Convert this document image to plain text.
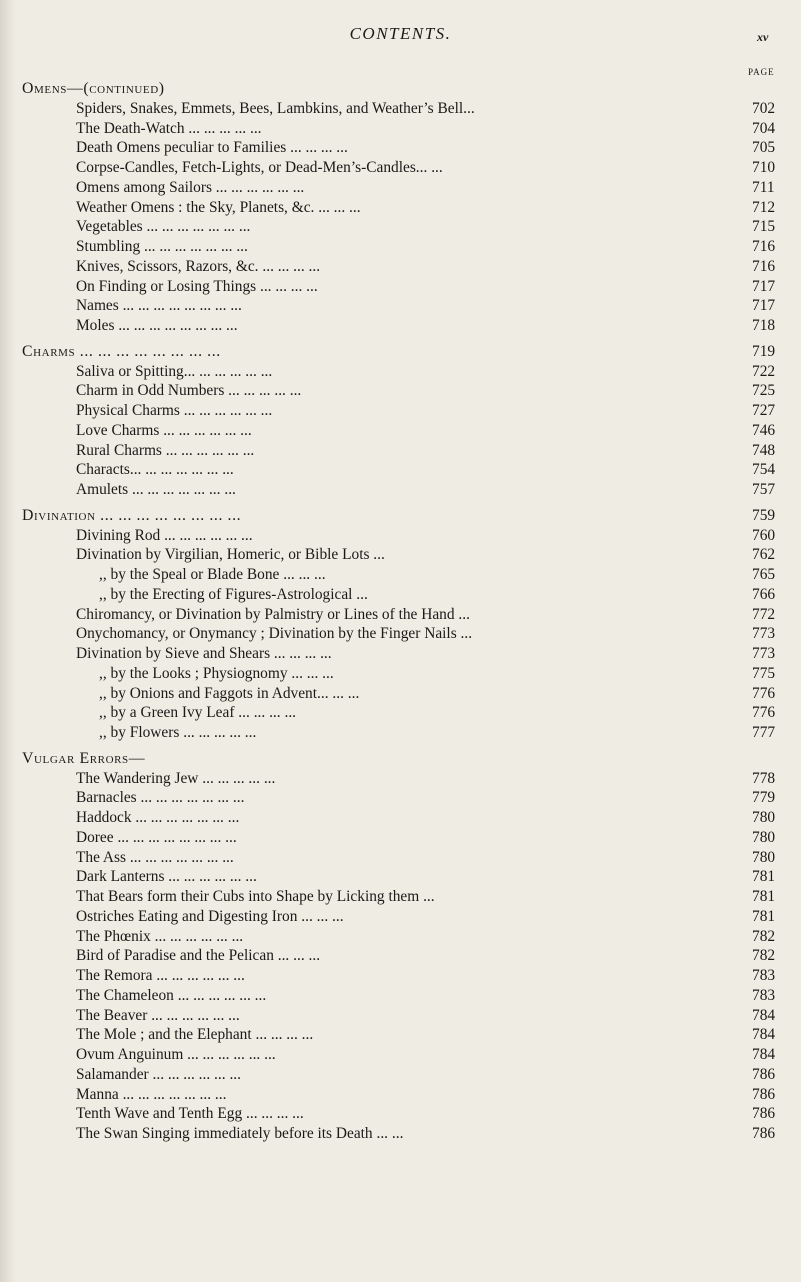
CONTENTS.	xv
PAGE
Omens—(continued)
Spiders, Snakes, Emmets, Bees, Lambkins, and Weather’s Bell...	702
The Death-Watch ... ... ... ... ...	704
Death Omens peculiar to Families ... ... ... ...	705
Corpse-Candles, Fetch-Lights, or Dead-Men’s-Candles... ...	710
Omens among Sailors ... ... ... ... ... ...	711
Weather Omens : the Sky, Planets, &c. ... ... ...	712
Vegetables ... ... ... ... ... ... ...	715
Stumbling ... ... ... ... ... ... ...	716
Knives, Scissors, Razors, &c. ... ... ... ...	716
On Finding or Losing Things ... ... ... ...	717
Names ... ... ... ... ... ... ... ...	717
Moles ... ... ... ... ... ... ... ...	718
Charms ... ... ... ... ... ... ... ...	719
Saliva or Spitting... ... ... ... ... ...	722
Charm in Odd Numbers ... ... ... ... ...	725
Physical Charms ... ... ... ... ... ...	727
Love Charms ... ... ... ... ... ...	746
Rural Charms ... ... ... ... ... ...	748
Characts... ... ... ... ... ... ...	754
Amulets ... ... ... ... ... ... ...	757
Divination ... ... ... ... ... ... ... ...	759
Divining Rod ... ... ... ... ... ...	760
Divination by Virgilian, Homeric, or Bible Lots ...	762
,, by the Speal or Blade Bone ... ... ...	765
,, by the Erecting of Figures-Astrological ...	766
Chiromancy, or Divination by Palmistry or Lines of the Hand ...	772
Onychomancy, or Onymancy ; Divination by the Finger Nails ...	773
Divination by Sieve and Shears ... ... ... ...	773
,, by the Looks ; Physiognomy ... ... ...	775
,, by Onions and Faggots in Advent... ... ...	776
,, by a Green Ivy Leaf ... ... ... ...	776
,, by Flowers ... ... ... ... ...	777
Vulgar Errors—
The Wandering Jew ... ... ... ... ...	778
Barnacles ... ... ... ... ... ... ...	779
Haddock ... ... ... ... ... ... ...	780
Doree ... ... ... ... ... ... ... ...	780
The Ass ... ... ... ... ... ... ...	780
Dark Lanterns ... ... ... ... ... ...	781
That Bears form their Cubs into Shape by Licking them ...	781
Ostriches Eating and Digesting Iron ... ... ...	781
The Phœnix ... ... ... ... ... ...	782
Bird of Paradise and the Pelican ... ... ...	782
The Remora ... ... ... ... ... ...	783
The Chameleon ... ... ... ... ... ...	783
The Beaver ... ... ... ... ... ...	784
The Mole ; and the Elephant ... ... ... ...	784
Ovum Anguinum ... ... ... ... ... ...	784
Salamander ... ... ... ... ... ...	786
Manna ... ... ... ... ... ... ...	786
Tenth Wave and Tenth Egg ... ... ... ...	786
The Swan Singing immediately before its Death ... ...	786
